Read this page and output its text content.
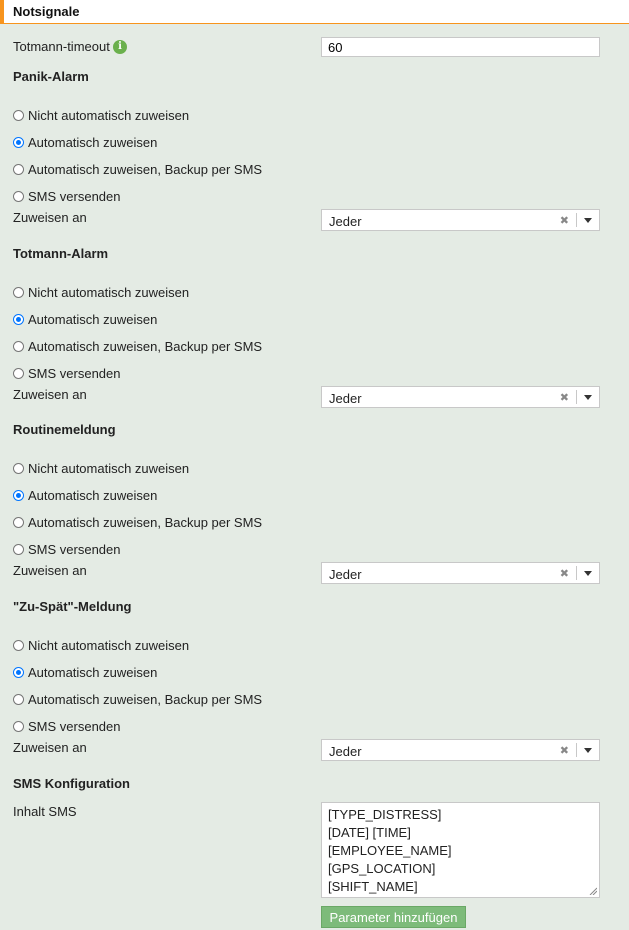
Notsignale
Totmann-timeout i
60
Panik-Alarm
Nicht automatisch zuweisen
Automatisch zuweisen
Automatisch zuweisen, Backup per SMS
SMS versenden
Zuweisen an	Jeder	✖
Totmann-Alarm
Nicht automatisch zuweisen
Automatisch zuweisen
Automatisch zuweisen, Backup per SMS
SMS versenden
Zuweisen an	Jeder	✖
Routinemeldung
Nicht automatisch zuweisen
Automatisch zuweisen
Automatisch zuweisen, Backup per SMS
SMS versenden
Zuweisen an	Jeder	✖
"Zu-Spät"-Meldung
Nicht automatisch zuweisen
Automatisch zuweisen
Automatisch zuweisen, Backup per SMS
SMS versenden
Zuweisen an	Jeder	✖
SMS Konfiguration
Inhalt SMS	[TYPE_DISTRESS]
[DATE] [TIME]
[EMPLOYEE_NAME]
[GPS_LOCATION]
[SHIFT_NAME]
Parameter hinzufügen
